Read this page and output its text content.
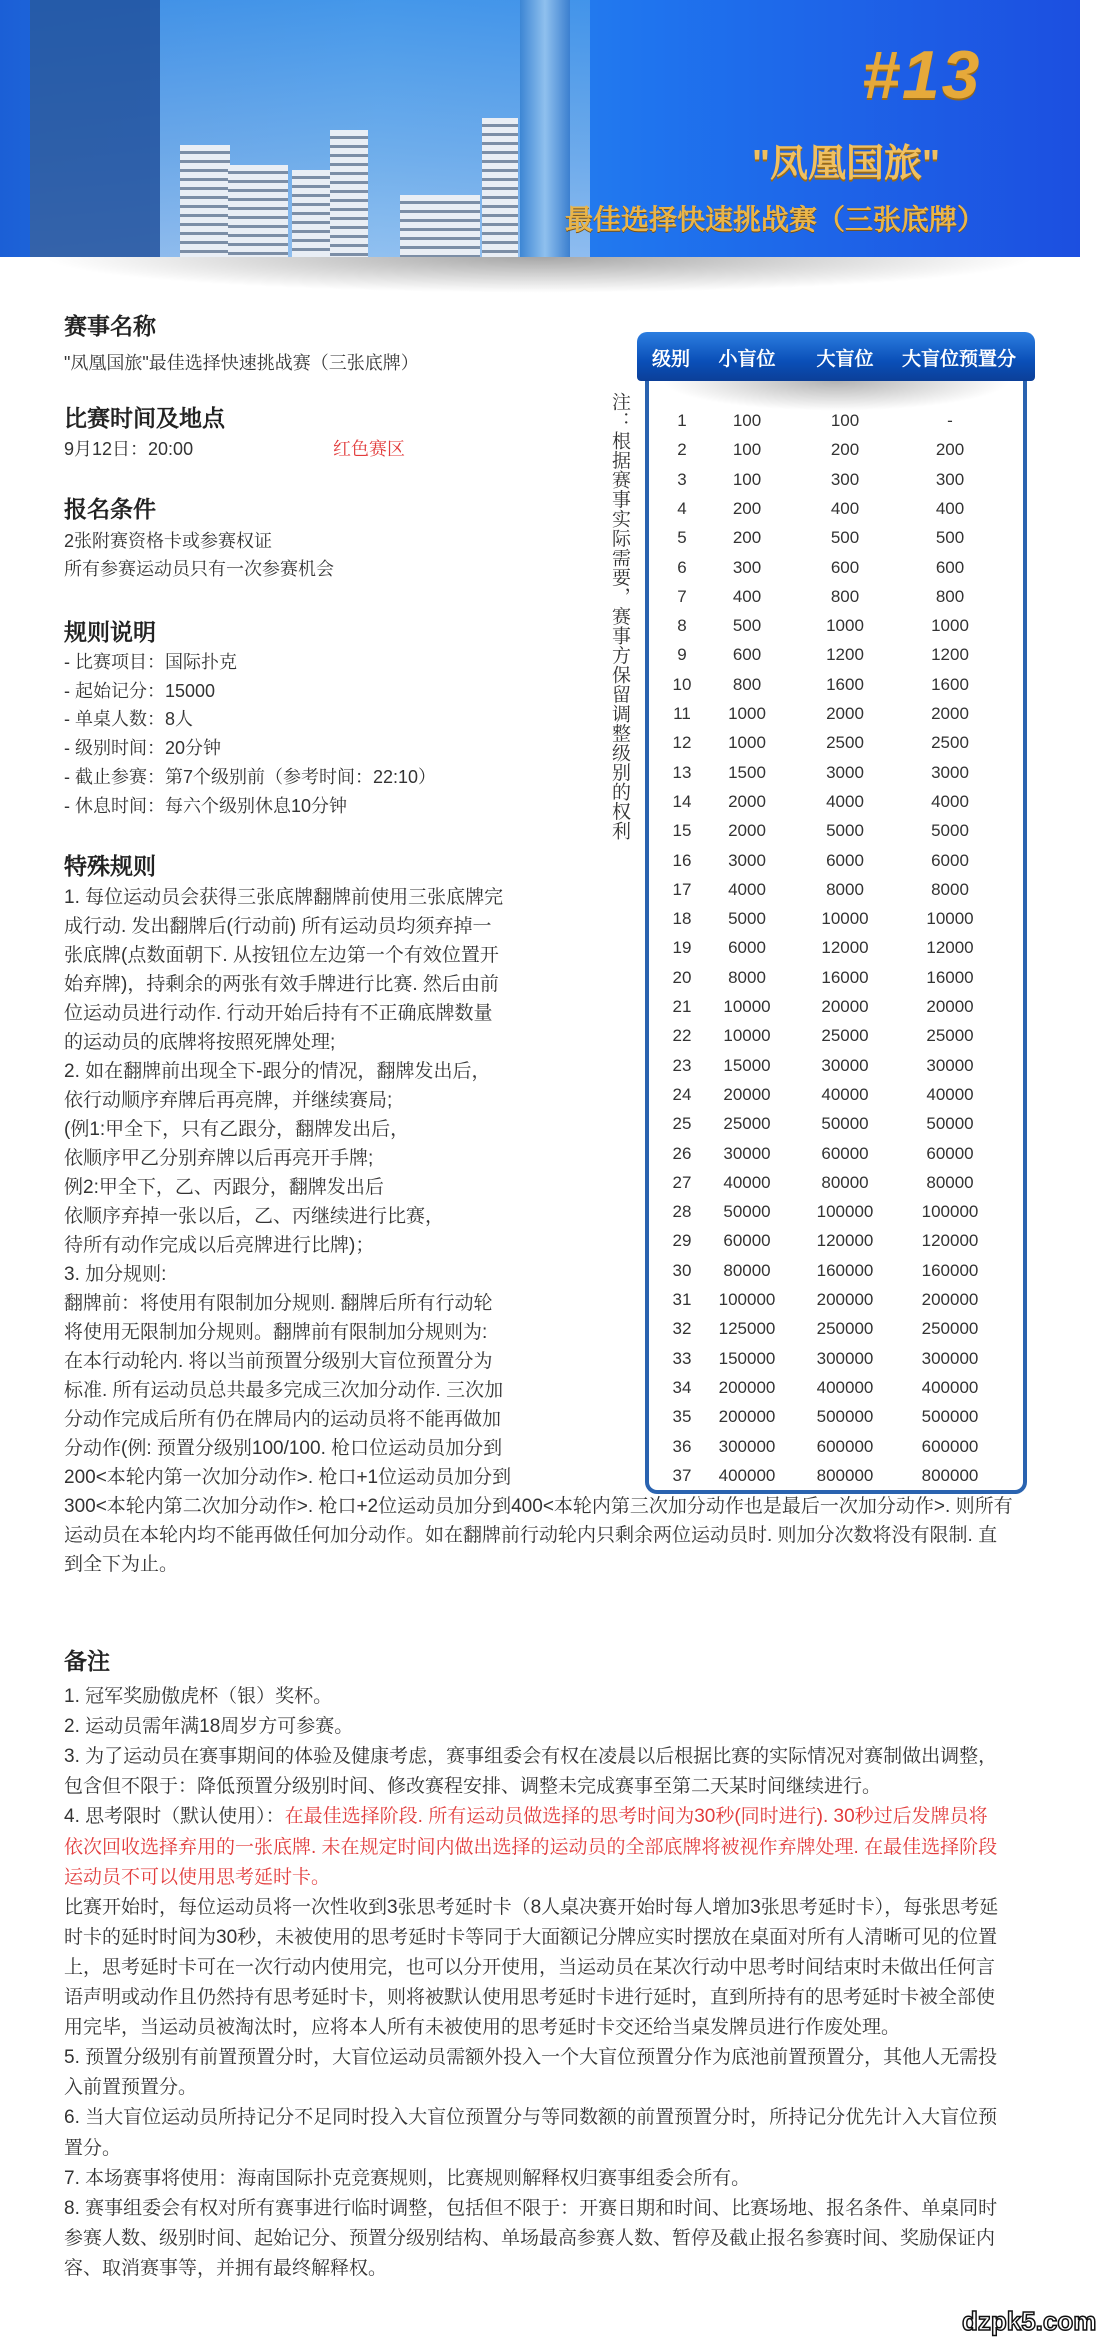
#13
"凤凰国旅"
最佳选择快速挑战赛（三张底牌）
赛事名称
"凤凰国旅"最佳选择快速挑战赛（三张底牌）
比赛时间及地点
9月12日：20:00	红色赛区
报名条件
2张附赛资格卡或参赛权证
所有参赛运动员只有一次参赛机会
规则说明
特殊规则
备注
注：根据赛事实际需要，赛事方保留调整级别的权利
级别 小盲位 大盲位 大盲位预置分
1	100	100	-
2	100	200	200
3	100	300	300
4	200	400	400
5	200	500	500
6	300	600	600
7	400	800	800
8	500	1000	1000
9	600	1200	1200
10 800	1600	1600
11 1000	2000	2000
12 1000	2500	2500
13 1500	3000	3000
14 2000	4000	4000
15 2000	5000	5000
16 3000	6000	6000
17 4000	8000	8000
18 5000	10000	10000
19 6000	12000	12000
20 8000	16000	16000
21 10000	20000	20000
22 10000	25000	25000
23 15000	30000	30000
24 20000	40000	40000
25 25000	50000	50000
26 30000	60000	60000
27 40000	80000	80000
28 50000	100000	100000
29 60000	120000	120000
30 80000	160000	160000
31 100000 200000	200000
32 125000 250000	250000
33 150000 300000	300000
34 200000 400000	400000
35 200000 500000	500000
36 300000 600000	600000
37 400000 800000	800000
dzpk5.com
- 比赛项目：国际扑克
- 起始记分：15000
- 单桌人数：8人
- 级别时间：20分钟
- 截止参赛：第7个级别前（参考时间：22:10）
- 休息时间：每六个级别休息10分钟
1. 每位运动员会获得三张底牌翻牌前使用三张底牌完
成行动. 发出翻牌后(行动前) 所有运动员均须弃掉一
张底牌(点数面朝下. 从按钮位左边第一个有效位置开
始弃牌)，持剩余的两张有效手牌进行比赛. 然后由前
位运动员进行动作. 行动开始后持有不正确底牌数量
的运动员的底牌将按照死牌处理;
2. 如在翻牌前出现全下-跟分的情况，翻牌发出后，
依行动顺序弃牌后再亮牌，并继续赛局;
(例1:甲全下，只有乙跟分，翻牌发出后，
依顺序甲乙分别弃牌以后再亮开手牌;
例2:甲全下，乙、丙跟分，翻牌发出后
依顺序弃掉一张以后，乙、丙继续进行比赛，
待所有动作完成以后亮牌进行比牌)；
3. 加分规则:
翻牌前：将使用有限制加分规则. 翻牌后所有行动轮
将使用无限制加分规则。翻牌前有限制加分规则为:
在本行动轮内. 将以当前预置分级别大盲位预置分为
标准. 所有运动员总共最多完成三次加分动作. 三次加
分动作完成后所有仍在牌局内的运动员将不能再做加
分动作(例: 预置分级别100/100. 枪口位运动员加分到
200<本轮内第一次加分动作>. 枪口+1位运动员加分到
300<本轮内第二次加分动作>. 枪口+2位运动员加分到400<本轮内第三次加分动作也是最后一次加分动作>. 则所有
运动员在本轮内均不能再做任何加分动作。如在翻牌前行动轮内只剩余两位运动员时. 则加分次数将没有限制. 直
到全下为止。
1. 冠军奖励傲虎杯（银）奖杯。
2. 运动员需年满18周岁方可参赛。
3. 为了运动员在赛事期间的体验及健康考虑，赛事组委会有权在凌晨以后根据比赛的实际情况对赛制做出调整，
包含但不限于：降低预置分级别时间、修改赛程安排、调整未完成赛事至第二天某时间继续进行。
4. 思考限时（默认使用）：在最佳选择阶段. 所有运动员做选择的思考时间为30秒(同时进行). 30秒过后发牌员将
依次回收选择弃用的一张底牌. 未在规定时间内做出选择的运动员的全部底牌将被视作弃牌处理. 在最佳选择阶段
运动员不可以使用思考延时卡。
比赛开始时，每位运动员将一次性收到3张思考延时卡（8人桌决赛开始时每人增加3张思考延时卡），每张思考延
时卡的延时时间为30秒，未被使用的思考延时卡等同于大面额记分牌应实时摆放在桌面对所有人清晰可见的位置
上，思考延时卡可在一次行动内使用完，也可以分开使用，当运动员在某次行动中思考时间结束时未做出任何言
语声明或动作且仍然持有思考延时卡，则将被默认使用思考延时卡进行延时，直到所持有的思考延时卡被全部使
用完毕，当运动员被淘汰时，应将本人所有未被使用的思考延时卡交还给当桌发牌员进行作废处理。
5. 预置分级别有前置预置分时，大盲位运动员需额外投入一个大盲位预置分作为底池前置预置分，其他人无需投
入前置预置分。
6. 当大盲位运动员所持记分不足同时投入大盲位预置分与等同数额的前置预置分时，所持记分优先计入大盲位预
置分。
7. 本场赛事将使用：海南国际扑克竞赛规则，比赛规则解释权归赛事组委会所有。
8. 赛事组委会有权对所有赛事进行临时调整，包括但不限于：开赛日期和时间、比赛场地、报名条件、单桌同时
参赛人数、级别时间、起始记分、预置分级别结构、单场最高参赛人数、暂停及截止报名参赛时间、奖励保证内
容、取消赛事等，并拥有最终解释权。
